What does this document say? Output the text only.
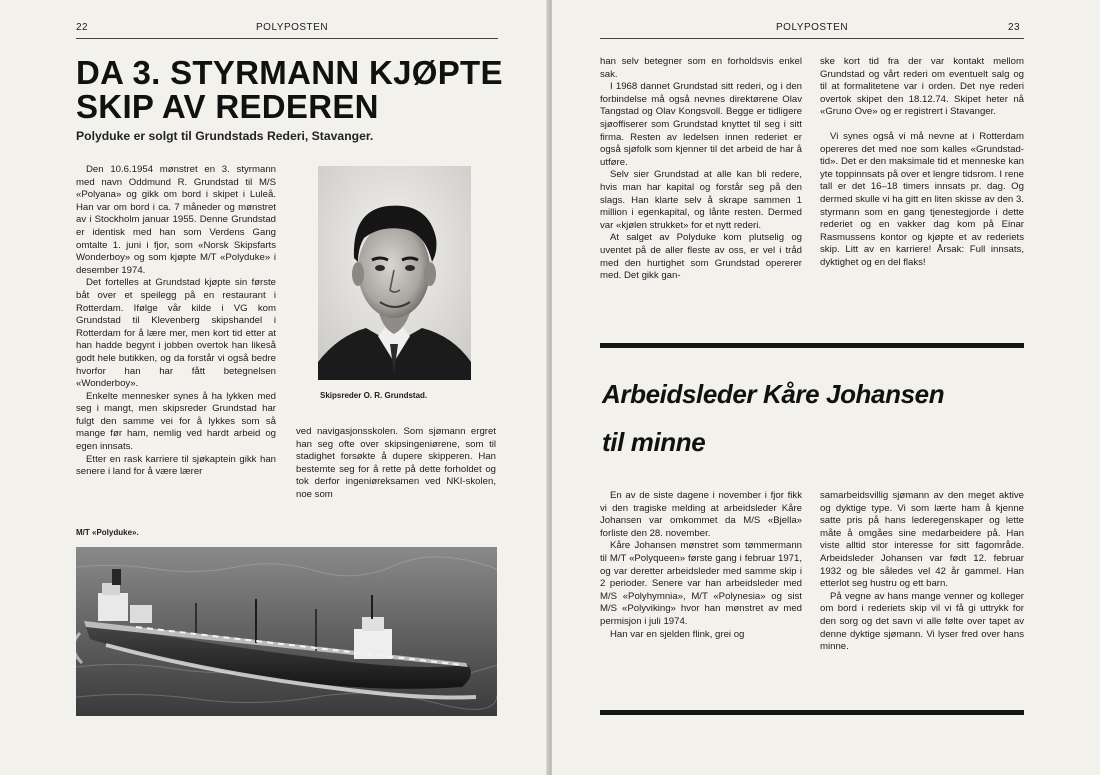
22	POLYPOSTEN
DA 3. STYRMANN KJØPTE
SKIP AV REDEREN
Polyduke er solgt til Grundstads Rederi, Stavanger.

Den 10.6.1954 mønstret en 3. styrmann med navn Oddmund R. Grundstad til M/S «Polyana» og gikk om bord i skipet i Luleå. Han var om bord i ca. 7 måneder og mønstret av i Stockholm januar 1955. Denne Grundstad er identisk med han som Verdens Gang omtalte 1. juni i fjor, som «Norsk Skipsfarts Wonderboy» og som kjøpte M/T «Polyduke» i desember 1974.

Det fortelles at Grundstad kjøpte sin første båt over et speilegg på en restaurant i Rotterdam. Ifølge vår kilde i VG kom Grundstad til Klevenberg skipshandel i Rotterdam for å lære mer, men kort tid etter at han hadde begynt i jobben overtok han likeså godt hele butikken, og da forstår vi også bedre hvorfor han har fått betegnelsen «Wonderboy».

Enkelte mennesker synes å ha lykken med seg i mangt, men skipsreder Grundstad har fulgt den samme vei for å lykkes som så mange før ham, nemlig ved hardt arbeid og egen innsats.

Etter en rask karriere til sjøkaptein gikk han senere i land for å være lærer

Skipsreder O. R. Grundstad.

ved navigasjonsskolen. Som sjømann ergret han seg ofte over skipsingeniørene, som til stadighet forsøkte å dupere skipperen. Han bestemte seg for å rette på dette forholdet og tok derfor ingeniøreksamen ved NKI-skolen, noe som

M/T «Polyduke».
POLYPOSTEN	23

han selv betegner som en forholdsvis enkel sak.

I 1968 dannet Grundstad sitt rederi, og i den forbindelse må også nevnes direktørene Olav Tangstad og Olav Kongsvoll. Begge er tidligere sjøoffiserer som Grundstad knyttet til seg i sitt firma. Resten av ledelsen innen rederiet er også sjøfolk som kjenner til det arbeid de har å utføre.

Selv sier Grundstad at alle kan bli redere, hvis man har kapital og forstår seg på den slags. Han klarte selv å skrape sammen 1 million i egenkapital, og lånte resten. Dermed var «kjølen strukket» for et nytt rederi.

At salget av Polyduke kom plutselig og uventet på de aller fleste av oss, er vel i tråd med den hurtighet som Grundstad opererer med. Det gikk gan-

ske kort tid fra der var kontakt mellom Grundstad og vårt rederi om eventuelt salg og til at formalitetene var i orden. Det nye rederi overtok skipet den 18.12.74. Skipet heter nå «Gruno Ove» og er registrert i Stavanger.

Vi synes også vi må nevne at i Rotterdam opereres det med noe som kalles «Grundstad-tid». Det er den maksimale tid et menneske kan yte toppinnsats på over et lengre tidsrom. I rene tall er det 16–18 timers innsats pr. dag. Og dermed skulle vi ha gitt en liten skisse av den 3. styrmann som en gang tjenestegjorde i dette rederiet og en vakker dag kom på Einar Rasmussens kontor og kjøpte et av rederiets skip. Litt av en karriere! Årsak: Full innsats, dyktighet og en del flaks!

Arbeidsleder Kåre Johansen
til minne

En av de siste dagene i november i fjor fikk vi den tragiske melding at arbeidsleder Kåre Johansen var omkommet da M/S «Bjella» forliste den 28. november.

Kåre Johansen mønstret som tømmermann til M/T «Polyqueen» første gang i februar 1971, og var deretter arbeidsleder med samme skip i 2 perioder. Senere var han arbeidsleder med M/S «Polyhymnia», M/T «Polynesia» og sist M/S «Polyviking» hvor han mønstret av med permisjon i juli 1974.

Han var en sjelden flink, grei og

samarbeidsvillig sjømann av den meget aktive og dyktige type. Vi som lærte ham å kjenne satte pris på hans lederegenskaper og lette måte å omgåes sine medarbeidere på. Han viste alltid stor interesse for sitt fagområde. Arbeidsleder Johansen var født 12. februar 1932 og ble således vel 42 år gammel. Han etterlot seg hustru og ett barn.

På vegne av hans mange venner og kolleger om bord i rederiets skip vil vi få gi uttrykk for den sorg og det savn vi alle følte over tapet av denne dyktige sjømann. Vi lyser fred over hans minne.
